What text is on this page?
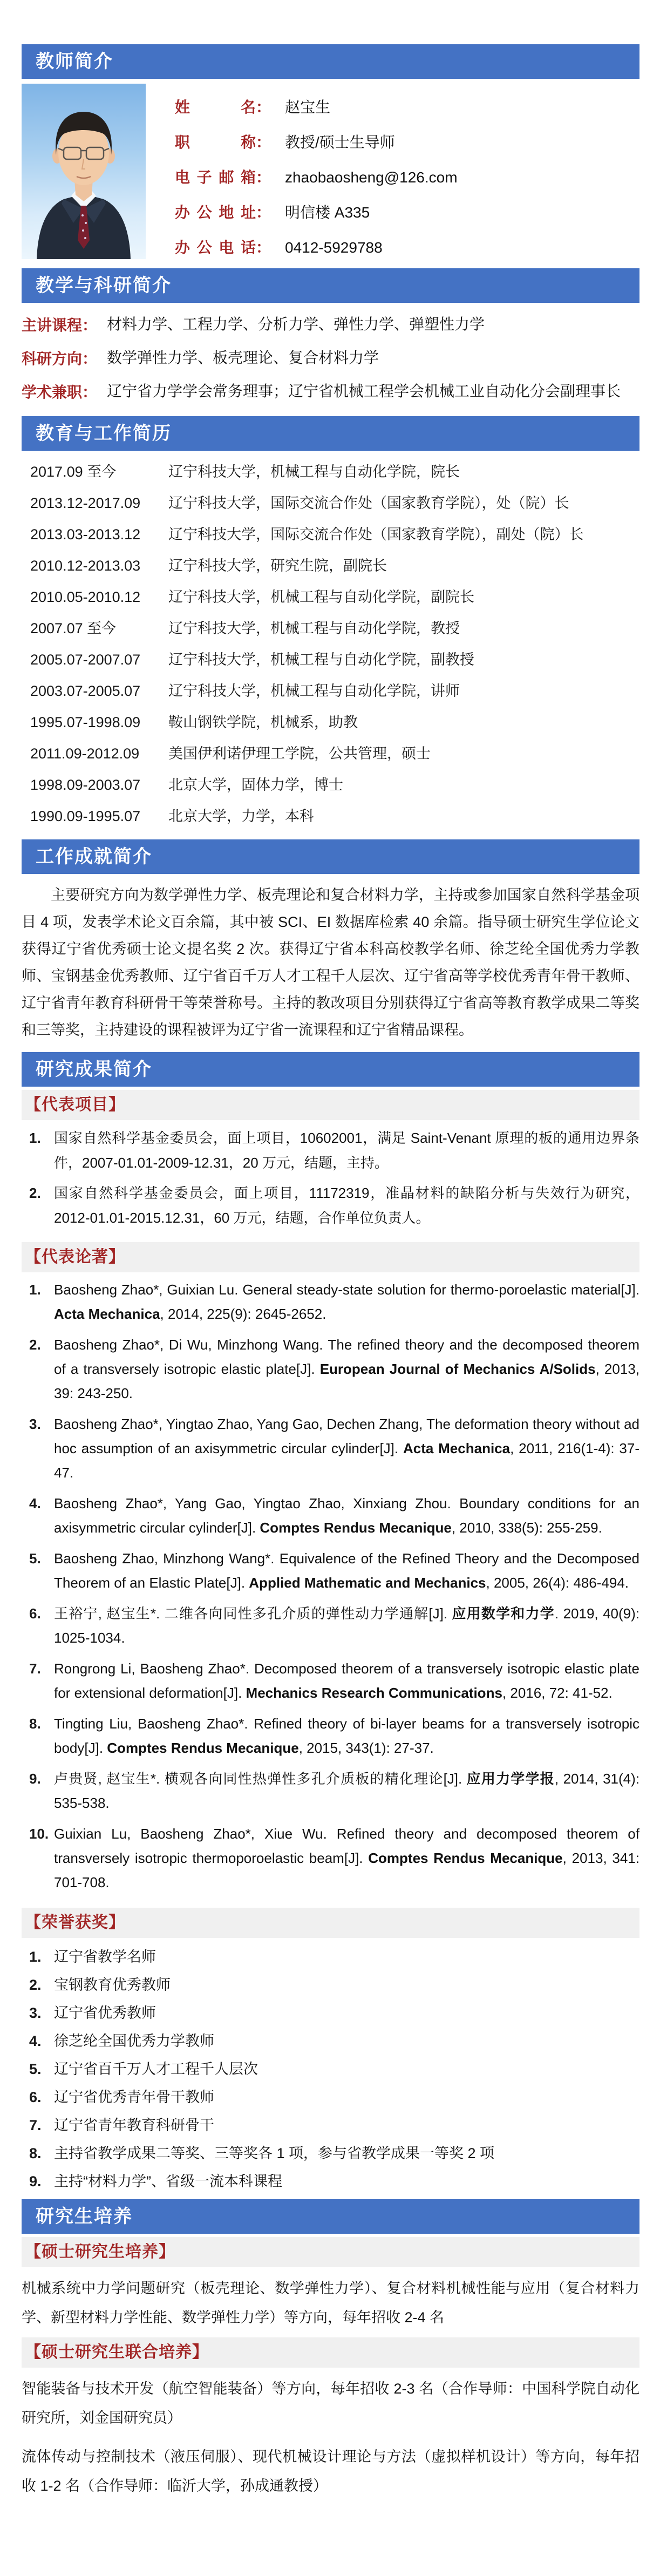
教师简介
姓名： 赵宝生
职称： 教授/硕士生导师
电子邮箱： zhaobaosheng@126.com
办公地址： 明信楼 A335
办公电话： 0412-5929788
教学与科研简介
主讲课程： 材料力学、工程力学、分析力学、弹性力学、弹塑性力学
科研方向： 数学弹性力学、板壳理论、复合材料力学
学术兼职： 辽宁省力学学会常务理事；辽宁省机械工程学会机械工业自动化分会副理事长
教育与工作简历
2017.09 至今	辽宁科技大学，机械工程与自动化学院，院长
2013.12-2017.09	辽宁科技大学，国际交流合作处（国家教育学院），处（院）长
2013.03-2013.12	辽宁科技大学，国际交流合作处（国家教育学院），副处（院）长
2010.12-2013.03	辽宁科技大学，研究生院，副院长
2010.05-2010.12	辽宁科技大学，机械工程与自动化学院，副院长
2007.07 至今	辽宁科技大学，机械工程与自动化学院，教授
2005.07-2007.07	辽宁科技大学，机械工程与自动化学院，副教授
2003.07-2005.07	辽宁科技大学，机械工程与自动化学院，讲师
1995.07-1998.09	鞍山钢铁学院，机械系，助教
2011.09-2012.09	美国伊利诺伊理工学院，公共管理，硕士
1998.09-2003.07	北京大学，固体力学，博士
1990.09-1995.07	北京大学，力学，本科
工作成就简介

主要研究方向为数学弹性力学、板壳理论和复合材料力学，主持或参加国家自然科学基金项目 4 项，发表学术论文百余篇，其中被 SCI、EI 数据库检索 40 余篇。指导硕士研究生学位论文获得辽宁省优秀硕士论文提名奖 2 次。获得辽宁省本科高校教学名师、徐芝纶全国优秀力学教师、宝钢基金优秀教师、辽宁省百千万人才工程千人层次、辽宁省高等学校优秀青年骨干教师、辽宁省青年教育科研骨干等荣誉称号。主持的教改项目分别获得辽宁省高等教育教学成果二等奖和三等奖，主持建设的课程被评为辽宁省一流课程和辽宁省精品课程。

研究成果简介
【代表项目】
1. 国家自然科学基金委员会，面上项目，10602001，满足 Saint-Venant 原理的板的通用边界条件，2007-01.01-2009-12.31，20 万元，结题，主持。
2. 国家自然科学基金委员会，面上项目，11172319，准晶材料的缺陷分析与失效行为研究，2012-01.01-2015.12.31，60 万元，结题，合作单位负责人。
【代表论著】
1. Baosheng Zhao*, Guixian Lu. General steady-state solution for thermo-poroelastic material[J]. Acta Mechanica, 2014, 225(9): 2645-2652.
2. Baosheng Zhao*, Di Wu, Minzhong Wang. The refined theory and the decomposed theorem of a transversely isotropic elastic plate[J]. European Journal of Mechanics A/Solids, 2013, 39: 243-250.
3. Baosheng Zhao*, Yingtao Zhao, Yang Gao, Dechen Zhang, The deformation theory without ad hoc assumption of an axisymmetric circular cylinder[J]. Acta Mechanica, 2011, 216(1-4): 37-47.
4. Baosheng Zhao*, Yang Gao, Yingtao Zhao, Xinxiang Zhou. Boundary conditions for an axisymmetric circular cylinder[J]. Comptes Rendus Mecanique, 2010, 338(5): 255-259.
5. Baosheng Zhao, Minzhong Wang*. Equivalence of the Refined Theory and the Decomposed Theorem of an Elastic Plate[J]. Applied Mathematic and Mechanics, 2005, 26(4): 486-494.
6. 王裕宁, 赵宝生*. 二维各向同性多孔介质的弹性动力学通解[J]. 应用数学和力学. 2019, 40(9): 1025-1034.
7. Rongrong Li, Baosheng Zhao*. Decomposed theorem of a transversely isotropic elastic plate for extensional deformation[J]. Mechanics Research Communications, 2016, 72: 41-52.
8. Tingting Liu, Baosheng Zhao*. Refined theory of bi-layer beams for a transversely isotropic body[J]. Comptes Rendus Mecanique, 2015, 343(1): 27-37.
9. 卢贵贤, 赵宝生*. 横观各向同性热弹性多孔介质板的精化理论[J]. 应用力学学报, 2014, 31(4): 535-538.
10. Guixian Lu, Baosheng Zhao*, Xiue Wu. Refined theory and decomposed theorem of transversely isotropic thermoporoelastic beam[J]. Comptes Rendus Mecanique, 2013, 341: 701-708.
【荣誉获奖】
1. 辽宁省教学名师
2. 宝钢教育优秀教师
3. 辽宁省优秀教师
4. 徐芝纶全国优秀力学教师
5. 辽宁省百千万人才工程千人层次
6. 辽宁省优秀青年骨干教师
7. 辽宁省青年教育科研骨干
8. 主持省教学成果二等奖、三等奖各 1 项，参与省教学成果一等奖 2 项
9. 主持“材料力学”、省级一流本科课程
研究生培养
【硕士研究生培养】

机械系统中力学问题研究（板壳理论、数学弹性力学）、复合材料机械性能与应用（复合材料力学、新型材料力学性能、数学弹性力学）等方向，每年招收 2-4 名

【硕士研究生联合培养】

智能装备与技术开发（航空智能装备）等方向，每年招收 2-3 名（合作导师：中国科学院自动化研究所，刘金国研究员）

流体传动与控制技术（液压伺服）、现代机械设计理论与方法（虚拟样机设计）等方向，每年招收 1-2 名（合作导师：临沂大学，孙成通教授）
